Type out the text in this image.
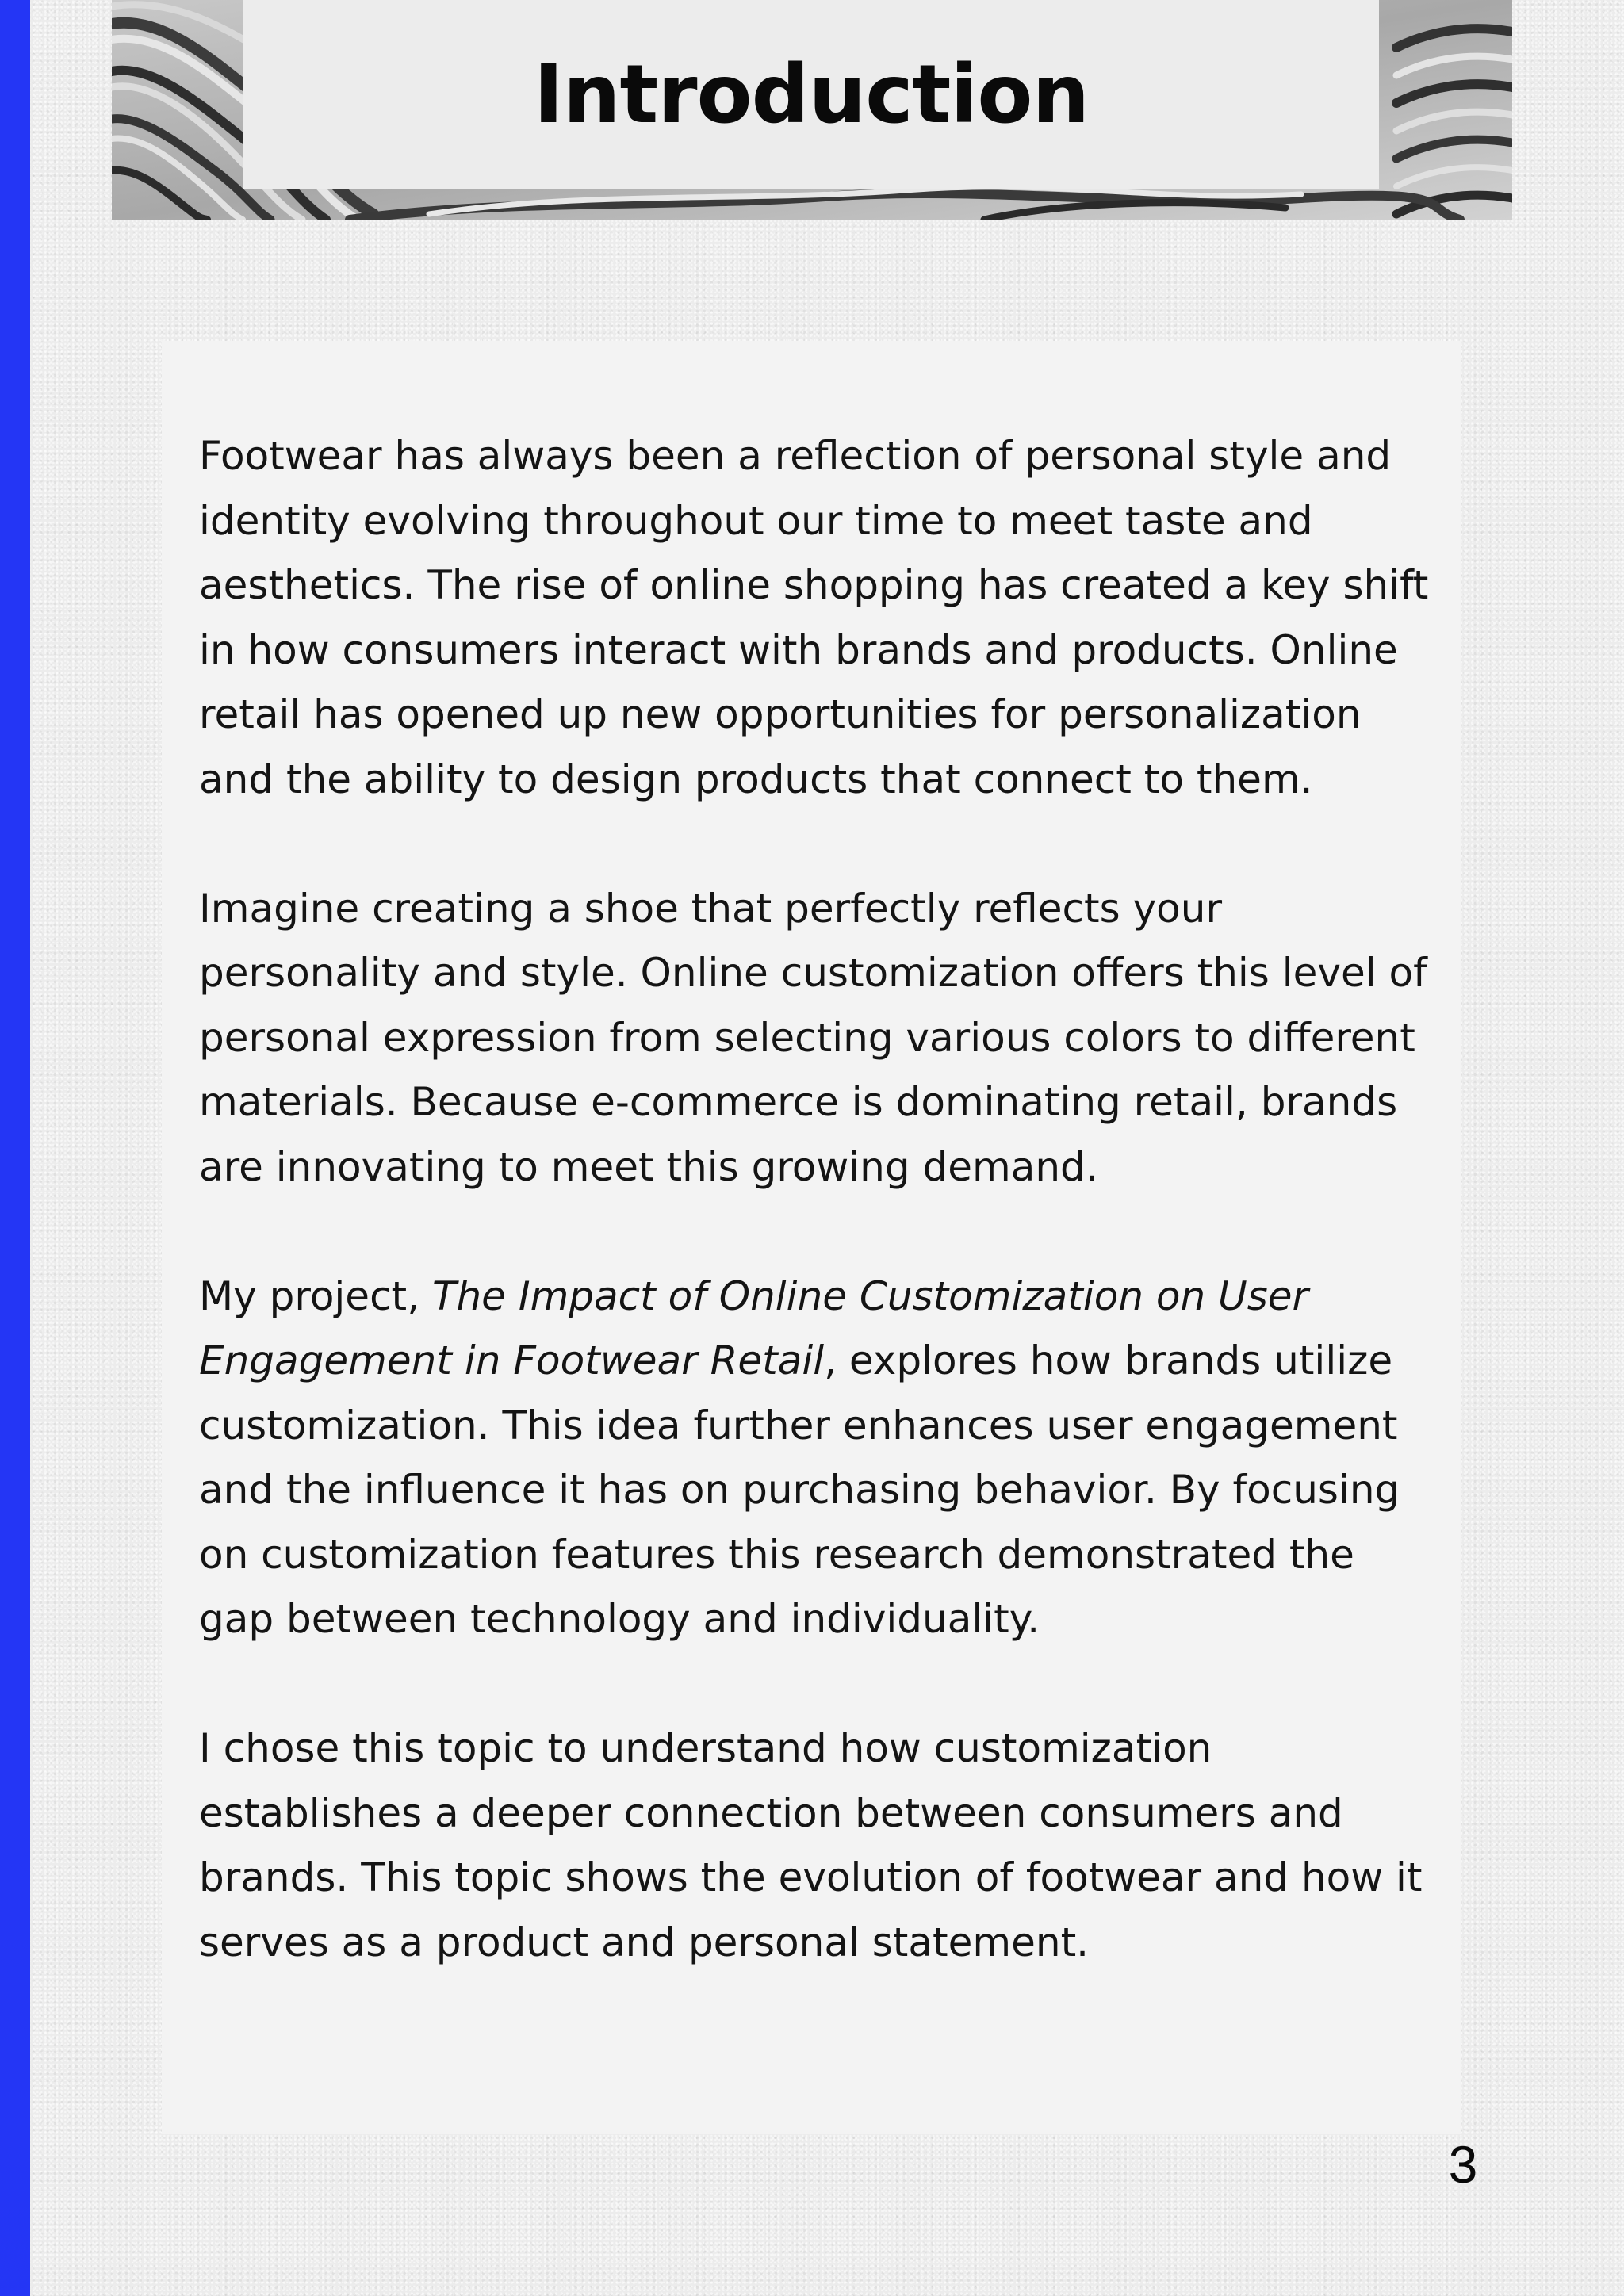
Introduction

Footwear has always been a reflection of personal style and identity evolving throughout our time to meet taste and aesthetics. The rise of online shopping has created a key shift in how consumers interact with brands and products. Online retail has opened up new opportunities for personalization and the ability to design products that connect to them.

Imagine creating a shoe that perfectly reflects your personality and style. Online customization offers this level of personal expression from selecting various colors to different materials. Because e-commerce is dominating retail, brands are innovating to meet this growing demand.

My project, The Impact of Online Customization on User Engagement in Footwear Retail, explores how brands utilize customization. This idea further enhances user engagement and the influence it has on purchasing behavior. By focusing on customization features this research demonstrated the gap between technology and individuality.

I chose this topic to understand how customization establishes a deeper connection between consumers and brands. This topic shows the evolution of footwear and how it serves as a product and personal statement.

3
